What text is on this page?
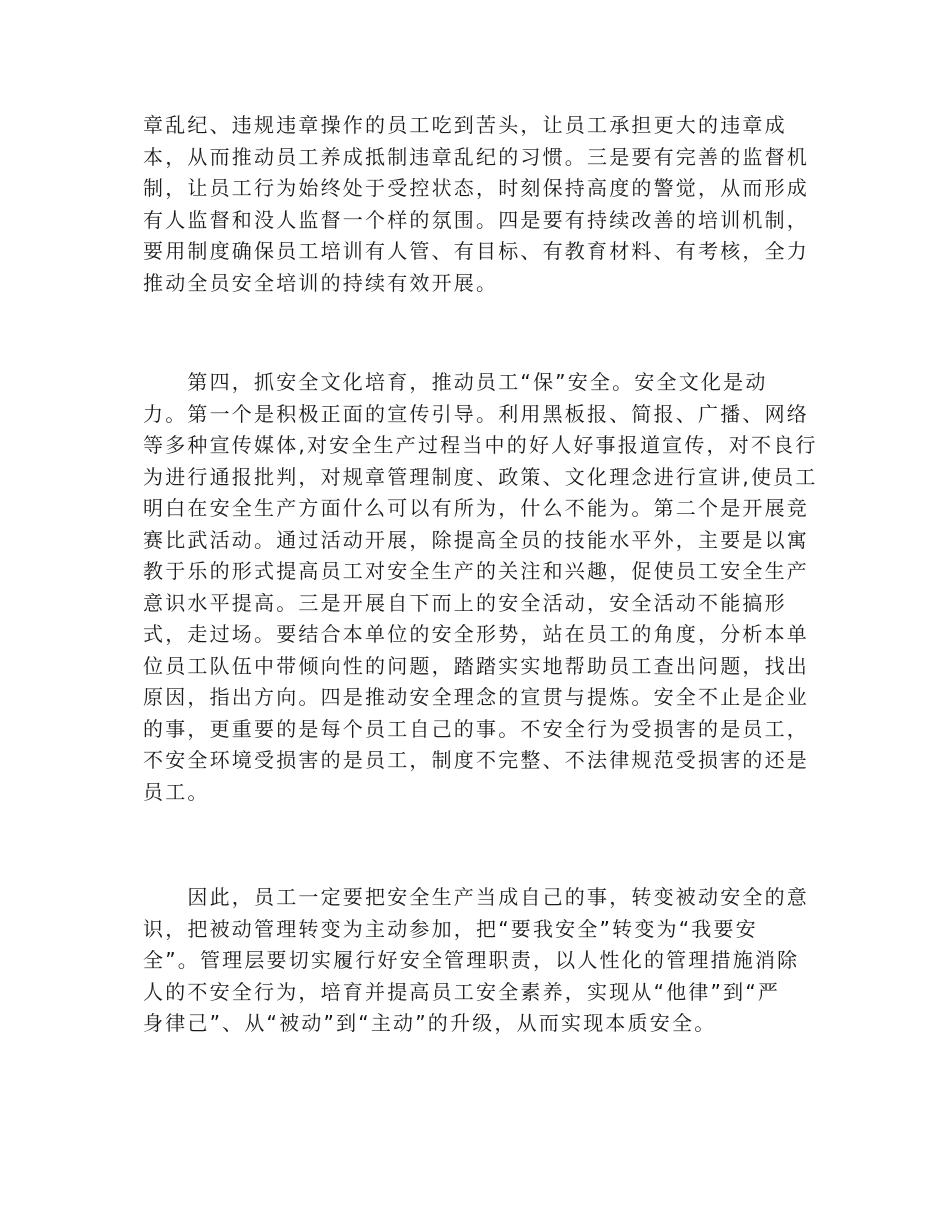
章乱纪、违规违章操作的员工吃到苦头，让员工承担更大的违章成
本，从而推动员工养成抵制违章乱纪的习惯。三是要有完善的监督机
制，让员工行为始终处于受控状态，时刻保持高度的警觉，从而形成
有人监督和没人监督一个样的氛围。四是要有持续改善的培训机制，
要用制度确保员工培训有人管、有目标、有教育材料、有考核，全力
推动全员安全培训的持续有效开展。
　　第四，抓安全文化培育，推动员工“保”安全。安全文化是动
力。第一个是积极正面的宣传引导。利用黑板报、简报、广播、网络
等多种宣传媒体,对安全生产过程当中的好人好事报道宣传，对不良行
为进行通报批判，对规章管理制度、政策、文化理念进行宣讲,使员工
明白在安全生产方面什么可以有所为，什么不能为。第二个是开展竞
赛比武活动。通过活动开展，除提高全员的技能水平外，主要是以寓
教于乐的形式提高员工对安全生产的关注和兴趣，促使员工安全生产
意识水平提高。三是开展自下而上的安全活动，安全活动不能搞形
式，走过场。要结合本单位的安全形势，站在员工的角度，分析本单
位员工队伍中带倾向性的问题，踏踏实实地帮助员工查出问题，找出
原因，指出方向。四是推动安全理念的宣贯与提炼。安全不止是企业
的事，更重要的是每个员工自己的事。不安全行为受损害的是员工，
不安全环境受损害的是员工，制度不完整、不法律规范受损害的还是
员工。
　　因此，员工一定要把安全生产当成自己的事，转变被动安全的意
识，把被动管理转变为主动参加，把“要我安全”转变为“我要安
全”。管理层要切实履行好安全管理职责，以人性化的管理措施消除
人的不安全行为，培育并提高员工安全素养，实现从“他律”到“严
身律己”、从“被动”到“主动”的升级，从而实现本质安全。
